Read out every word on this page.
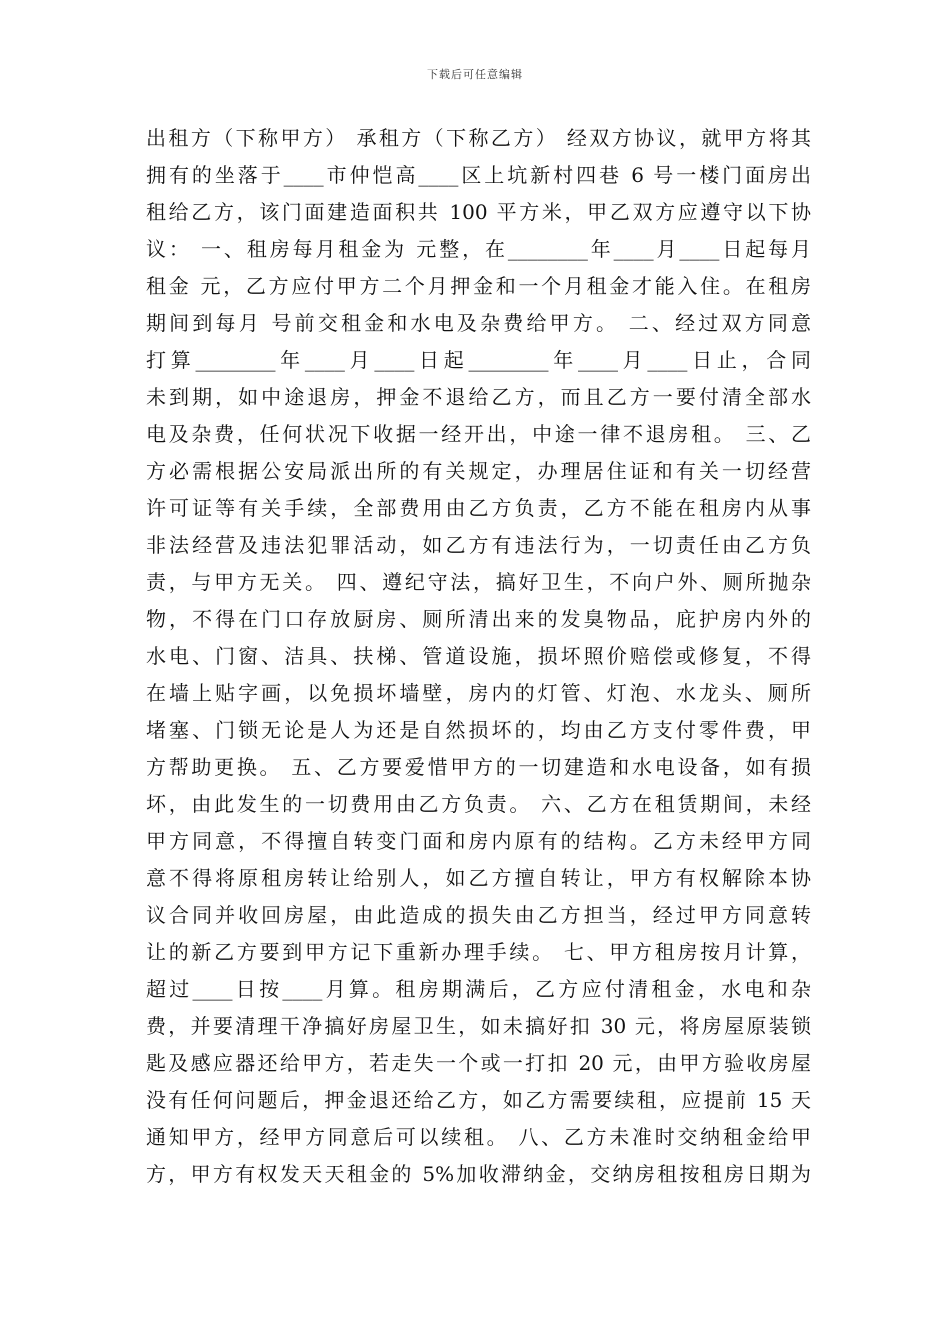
下载后可任意编辑
出租方（下称甲方） 承租方（下称乙方） 经双方协议，就甲方将其
拥有的坐落于____市仲恺高____区上坑新村四巷 6 号一楼门面房出
租给乙方，该门面建造面积共 100 平方米，甲乙双方应遵守以下协
议： 一、租房每月租金为 元整，在________年____月____日起每月
租金 元，乙方应付甲方二个月押金和一个月租金才能入住。在租房
期间到每月 号前交租金和水电及杂费给甲方。 二、经过双方同意
打算________年____月____日起________年____月____日止，合同
未到期，如中途退房，押金不退给乙方，而且乙方一要付清全部水
电及杂费，任何状况下收据一经开出，中途一律不退房租。 三、乙
方必需根据公安局派出所的有关规定，办理居住证和有关一切经营
许可证等有关手续，全部费用由乙方负责，乙方不能在租房内从事
非法经营及违法犯罪活动，如乙方有违法行为，一切责任由乙方负
责，与甲方无关。 四、遵纪守法，搞好卫生，不向户外、厕所抛杂
物，不得在门口存放厨房、厕所清出来的发臭物品，庇护房内外的
水电、门窗、洁具、扶梯、管道设施，损坏照价赔偿或修复，不得
在墙上贴字画，以免损坏墙壁，房内的灯管、灯泡、水龙头、厕所
堵塞、门锁无论是人为还是自然损坏的，均由乙方支付零件费，甲
方帮助更换。 五、乙方要爱惜甲方的一切建造和水电设备，如有损
坏，由此发生的一切费用由乙方负责。 六、乙方在租赁期间，未经
甲方同意，不得擅自转变门面和房内原有的结构。乙方未经甲方同
意不得将原租房转让给别人，如乙方擅自转让，甲方有权解除本协
议合同并收回房屋，由此造成的损失由乙方担当，经过甲方同意转
让的新乙方要到甲方记下重新办理手续。 七、甲方租房按月计算，
超过____日按____月算。租房期满后，乙方应付清租金，水电和杂
费，并要清理干净搞好房屋卫生，如未搞好扣 30 元，将房屋原装锁
匙及感应器还给甲方，若走失一个或一打扣 20 元，由甲方验收房屋
没有任何问题后，押金退还给乙方，如乙方需要续租，应提前 15 天
通知甲方，经甲方同意后可以续租。 八、乙方未准时交纳租金给甲
方，甲方有权发天天租金的 5%加收滞纳金，交纳房租按租房日期为
